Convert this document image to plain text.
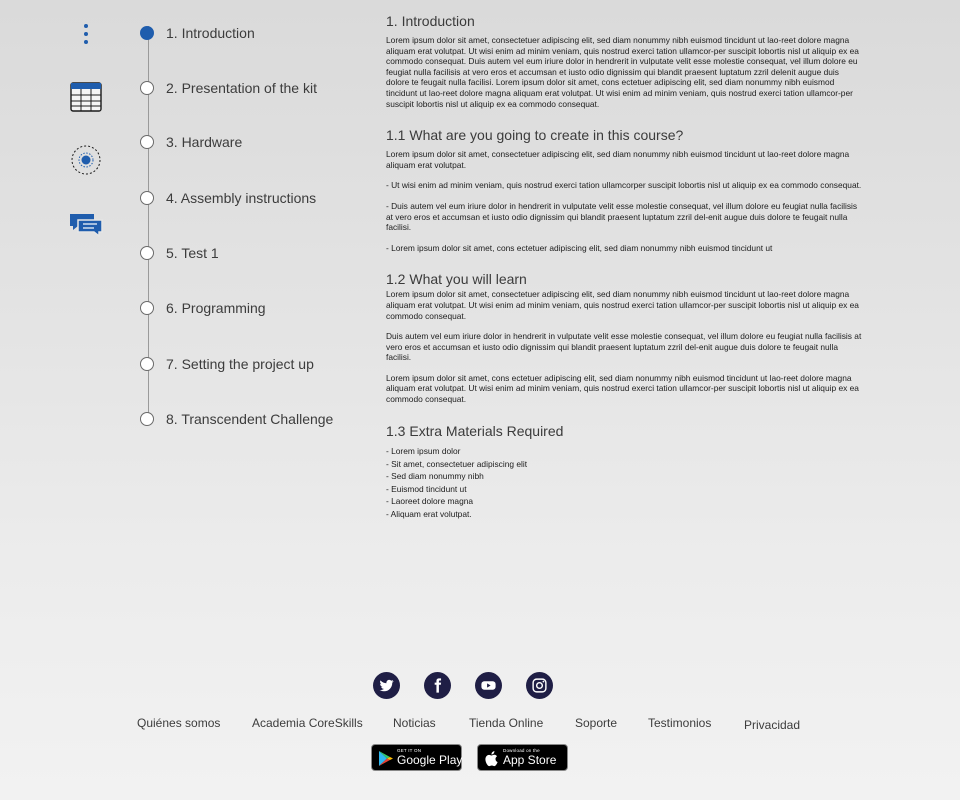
1. Introduction
2. Presentation of the kit
3. Hardware
4. Assembly instructions
5. Test 1
6. Programming
7. Setting the project up
8. Transcendent Challenge
1. Introduction

Lorem ipsum dolor sit amet, consectetuer adipiscing elit, sed diam nonummy nibh euismod tincidunt ut lao-reet dolore magna aliquam erat volutpat. Ut wisi enim ad minim veniam, quis nostrud exerci tation ullamcor-per suscipit lobortis nisl ut aliquip ex ea commodo consequat. Duis autem vel eum iriure dolor in hendrerit in vulputate velit esse molestie consequat, vel illum dolore eu feugiat nulla facilisis at vero eros et accumsan et iusto odio dignissim qui blandit praesent luptatum zzril delenit augue duis dolore te feugait nulla facilisi. Lorem ipsum dolor sit amet, cons ectetuer adipiscing elit, sed diam nonummy nibh euismod tincidunt ut lao-reet dolore magna aliquam erat volutpat. Ut wisi enim ad minim veniam, quis nostrud exerci tation ullamcor-per suscipit lobortis nisl ut aliquip ex ea commodo consequat.

1.1 What are you going to create in this course?

Lorem ipsum dolor sit amet, consectetuer adipiscing elit, sed diam nonummy nibh euismod tincidunt ut lao-reet dolore magna aliquam erat volutpat.

- Ut wisi enim ad minim veniam, quis nostrud exerci tation ullamcorper suscipit lobortis nisl ut aliquip ex ea commodo consequat.

- Duis autem vel eum iriure dolor in hendrerit in vulputate velit esse molestie consequat, vel illum dolore eu feugiat nulla facilisis at vero eros et accumsan et iusto odio dignissim qui blandit praesent luptatum zzril del-enit augue duis dolore te feugait nulla facilisi.

- Lorem ipsum dolor sit amet, cons ectetuer adipiscing elit, sed diam nonummy nibh euismod tincidunt ut

1.2 What you will learn

Lorem ipsum dolor sit amet, consectetuer adipiscing elit, sed diam nonummy nibh euismod tincidunt ut lao-reet dolore magna aliquam erat volutpat. Ut wisi enim ad minim veniam, quis nostrud exerci tation ullamcor-per suscipit lobortis nisl ut aliquip ex ea commodo consequat.

Duis autem vel eum iriure dolor in hendrerit in vulputate velit esse molestie consequat, vel illum dolore eu feugiat nulla facilisis at vero eros et accumsan et iusto odio dignissim qui blandit praesent luptatum zzril del-enit augue duis dolore te feugait nulla facilisi.

Lorem ipsum dolor sit amet, cons ectetuer adipiscing elit, sed diam nonummy nibh euismod tincidunt ut lao-reet dolore magna aliquam erat volutpat. Ut wisi enim ad minim veniam, quis nostrud exerci tation ullamcor-per suscipit lobortis nisl ut aliquip ex ea commodo consequat.

1.3 Extra Materials Required
- Lorem ipsum dolor
- Sit amet, consectetuer adipiscing elit
- Sed diam nonummy nibh
- Euismod tincidunt ut
- Laoreet dolore magna
- Aliquam erat volutpat.
Quiénes somos	Academia CoreSkills	Noticias	Tienda Online	Soporte	Testimonios	Privacidad
GET IT ON
Google Play
Download on the
App Store
